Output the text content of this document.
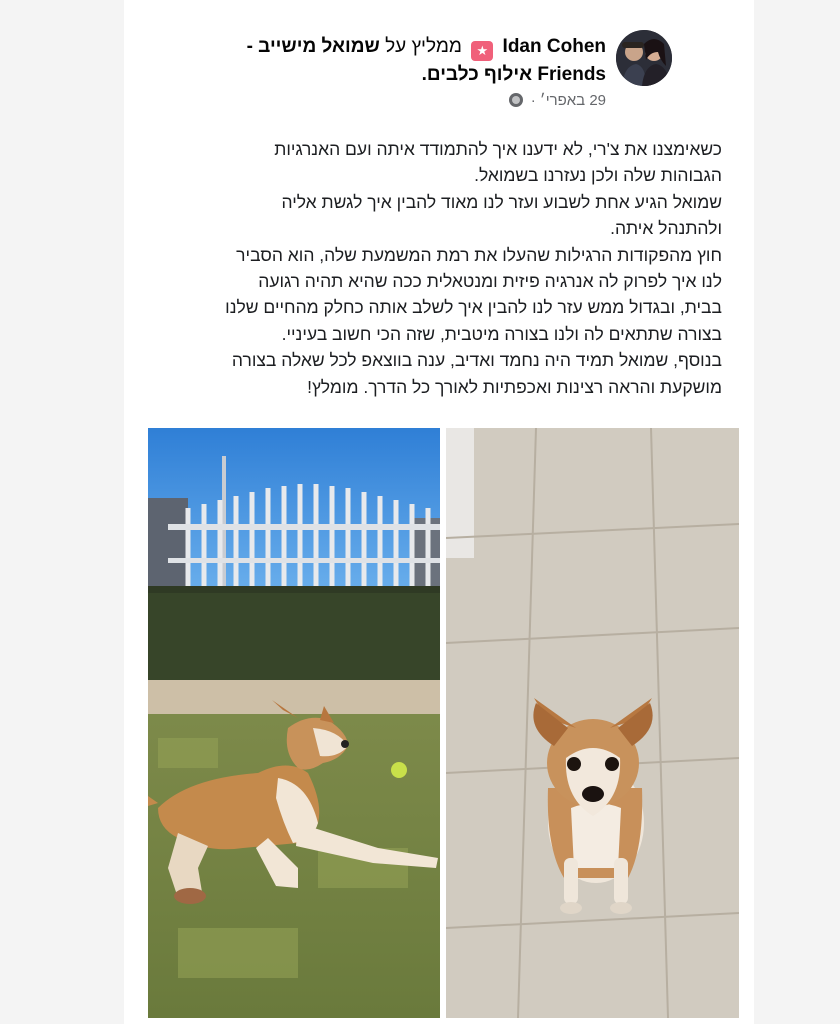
Idan Cohen ★ ממליץ על שמואל מישייב -
Friends אילוף כלבים.
29 באפרי׳ ·
כשאימצנו את צ'רי, לא ידענו איך להתמודד איתה ועם האנרגיות
הגבוהות שלה ולכן נעזרנו בשמואל.
שמואל הגיע אחת לשבוע ועזר לנו מאוד להבין איך לגשת אליה
ולהתנהל איתה.
חוץ מהפקודות הרגילות שהעלו את רמת המשמעת שלה, הוא הסביר
לנו איך לפרוק לה אנרגיה פיזית ומנטאלית ככה שהיא תהיה רגועה
בבית, ובגדול ממש עזר לנו להבין איך לשלב אותה כחלק מהחיים שלנו
בצורה שתתאים לה ולנו בצורה מיטבית, שזה הכי חשוב בעיניי.
בנוסף, שמואל תמיד היה נחמד ואדיב, ענה בווצאפ לכל שאלה בצורה
מושקעת והראה רצינות ואכפתיות לאורך כל הדרך. מומלץ!
